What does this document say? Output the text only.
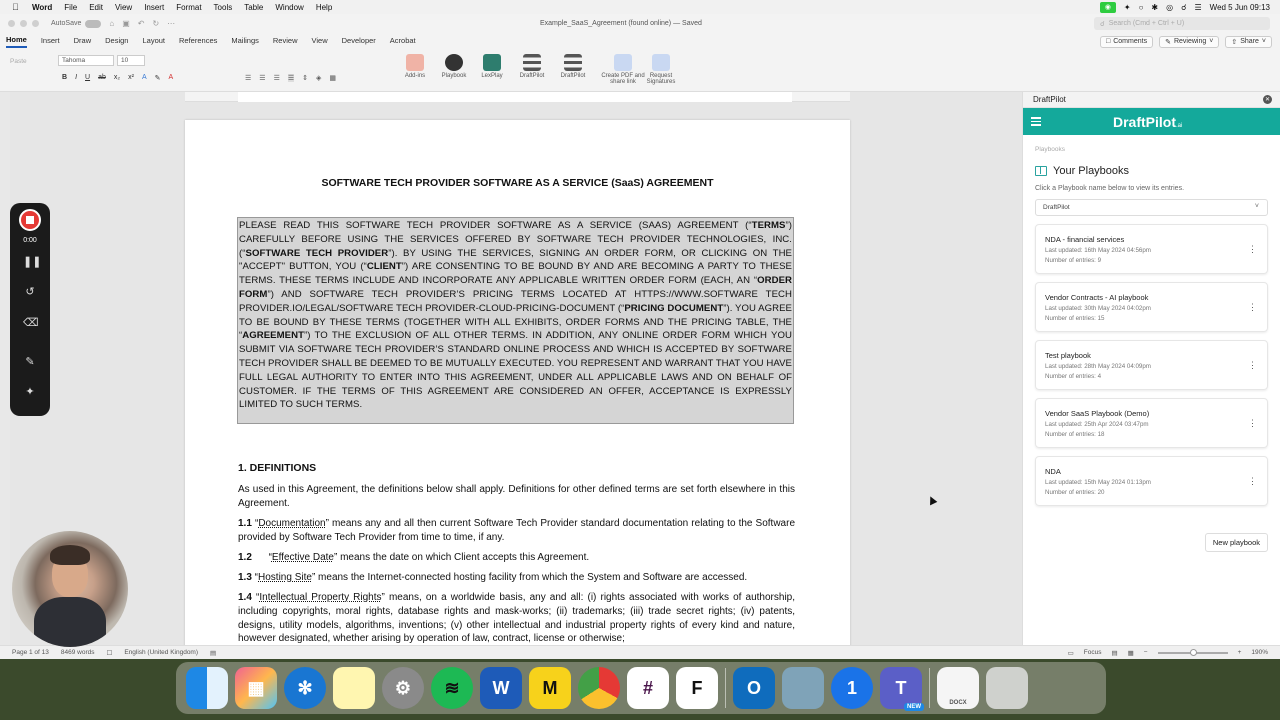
Word File Edit View Insert Format Tools Table Window Help	◉	✦ ○ ✱ ◎ ☌ ☰ Wed 5 Jun 09:13
AutoSave	⌂ ▣ ↶ ↻ ⋯	Example_SaaS_Agreement (found online) — Saved	☌ Search (Cmd + Ctrl + U)
Home Insert Draw Design Layout References Mailings Review View Developer Acrobat	□ Comments	✎ Reviewing ˅	⇧ Share ˅
Paste	Tahoma	10
B I U ab x₂ x² A ✎ A	☰ ☰ ☰ ☰ ⇕ ◈ ▦	Add-ins	Playbook	LexPlay	DraftPilot	DraftPilot	Create PDF and share link
Request Signatures
SOFTWARE TECH PROVIDER SOFTWARE AS A SERVICE (SaaS) AGREEMENT
PLEASE READ THIS SOFTWARE TECH PROVIDER SOFTWARE AS A SERVICE (SAAS) AGREEMENT (“TERMS”) CAREFULLY BEFORE USING THE SERVICES OFFERED BY SOFTWARE TECH PROVIDER TECHNOLOGIES, INC. (“SOFTWARE TECH PROVIDER”). BY USING THE SERVICES, SIGNING AN ORDER FORM, OR CLICKING ON THE "ACCEPT" BUTTON, YOU (“CLIENT”) ARE CONSENTING TO BE BOUND BY AND ARE BECOMING A PARTY TO THESE TERMS. THESE TERMS INCLUDE AND INCORPORATE ANY APPLICABLE WRITTEN ORDER FORM (EACH, AN “ORDER FORM”) AND SOFTWARE TECH PROVIDER’S PRICING TERMS LOCATED AT HTTPS://WWW.SOFTWARE TECH PROVIDER.IO/LEGAL/SOFTWARE TECH PROVIDER-CLOUD-PRICING-DOCUMENT (“PRICING DOCUMENT”). YOU AGREE TO BE BOUND BY THESE TERMS (TOGETHER WITH ALL EXHIBITS, ORDER FORMS AND THE PRICING TABLE, THE “AGREEMENT”) TO THE EXCLUSION OF ALL OTHER TERMS. IN ADDITION, ANY ONLINE ORDER FORM WHICH YOU SUBMIT VIA SOFTWARE TECH PROVIDER’S STANDARD ONLINE PROCESS AND WHICH IS ACCEPTED BY SOFTWARE TECH PROVIDER SHALL BE DEEMED TO BE MUTUALLY EXECUTED. YOU REPRESENT AND WARRANT THAT YOU HAVE FULL LEGAL AUTHORITY TO ENTER INTO THIS AGREEMENT, UNDER ALL APPLICABLE LAWS AND ON BEHALF OF CUSTOMER. IF THE TERMS OF THIS AGREEMENT ARE CONSIDERED AN OFFER, ACCEPTANCE IS EXPRESSLY LIMITED TO SUCH TERMS.
1. DEFINITIONS
As used in this Agreement, the definitions below shall apply. Definitions for other defined terms are set forth elsewhere in this Agreement.
1.1 “Documentation” means any and all then current Software Tech Provider standard documentation relating to the Software provided by Software Tech Provider from time to time, if any.
1.2      “Effective Date” means the date on which Client accepts this Agreement.
1.3 “Hosting Site” means the Internet-connected hosting facility from which the System and Software are accessed.
1.4 “Intellectual Property Rights” means, on a worldwide basis, any and all: (i) rights associated with works of authorship, including copyrights, moral rights, database rights and mask-works; (ii) trademarks; (iii) trade secret rights; (iv) patents, designs, utility models, algorithms, inventions; (v) other intellectual and industrial property rights of every kind and nature, however designated, whether arising by operation of law, contract, license or otherwise;
DraftPilot	✕
DraftPilot.ai
Playbooks
Your Playbooks
Click a Playbook name below to view its entries.
DraftPilot	˅
NDA - financial services
Last updated: 16th May 2024 04:56pm
Number of entries: 9
⋮
Vendor Contracts - AI playbook
Last updated: 30th May 2024 04:02pm
Number of entries: 15
⋮
Test playbook
Last updated: 28th May 2024 04:09pm
Number of entries: 4
⋮
Vendor SaaS Playbook (Demo)
Last updated: 25th Apr 2024 03:47pm
Number of entries: 18
⋮
NDA
Last updated: 15th May 2024 01:13pm
Number of entries: 20
⋮
New playbook
Page 1 of 13 8469 words ☐ English (United Kingdom) ▤	▭ Focus ▤ ▦ −	+ 190%
0:00
❚❚
↺
⌫
✎
✦
▦	✻	⚙	≋	W	M	#	F	O	1	T
NEW
DOCX
